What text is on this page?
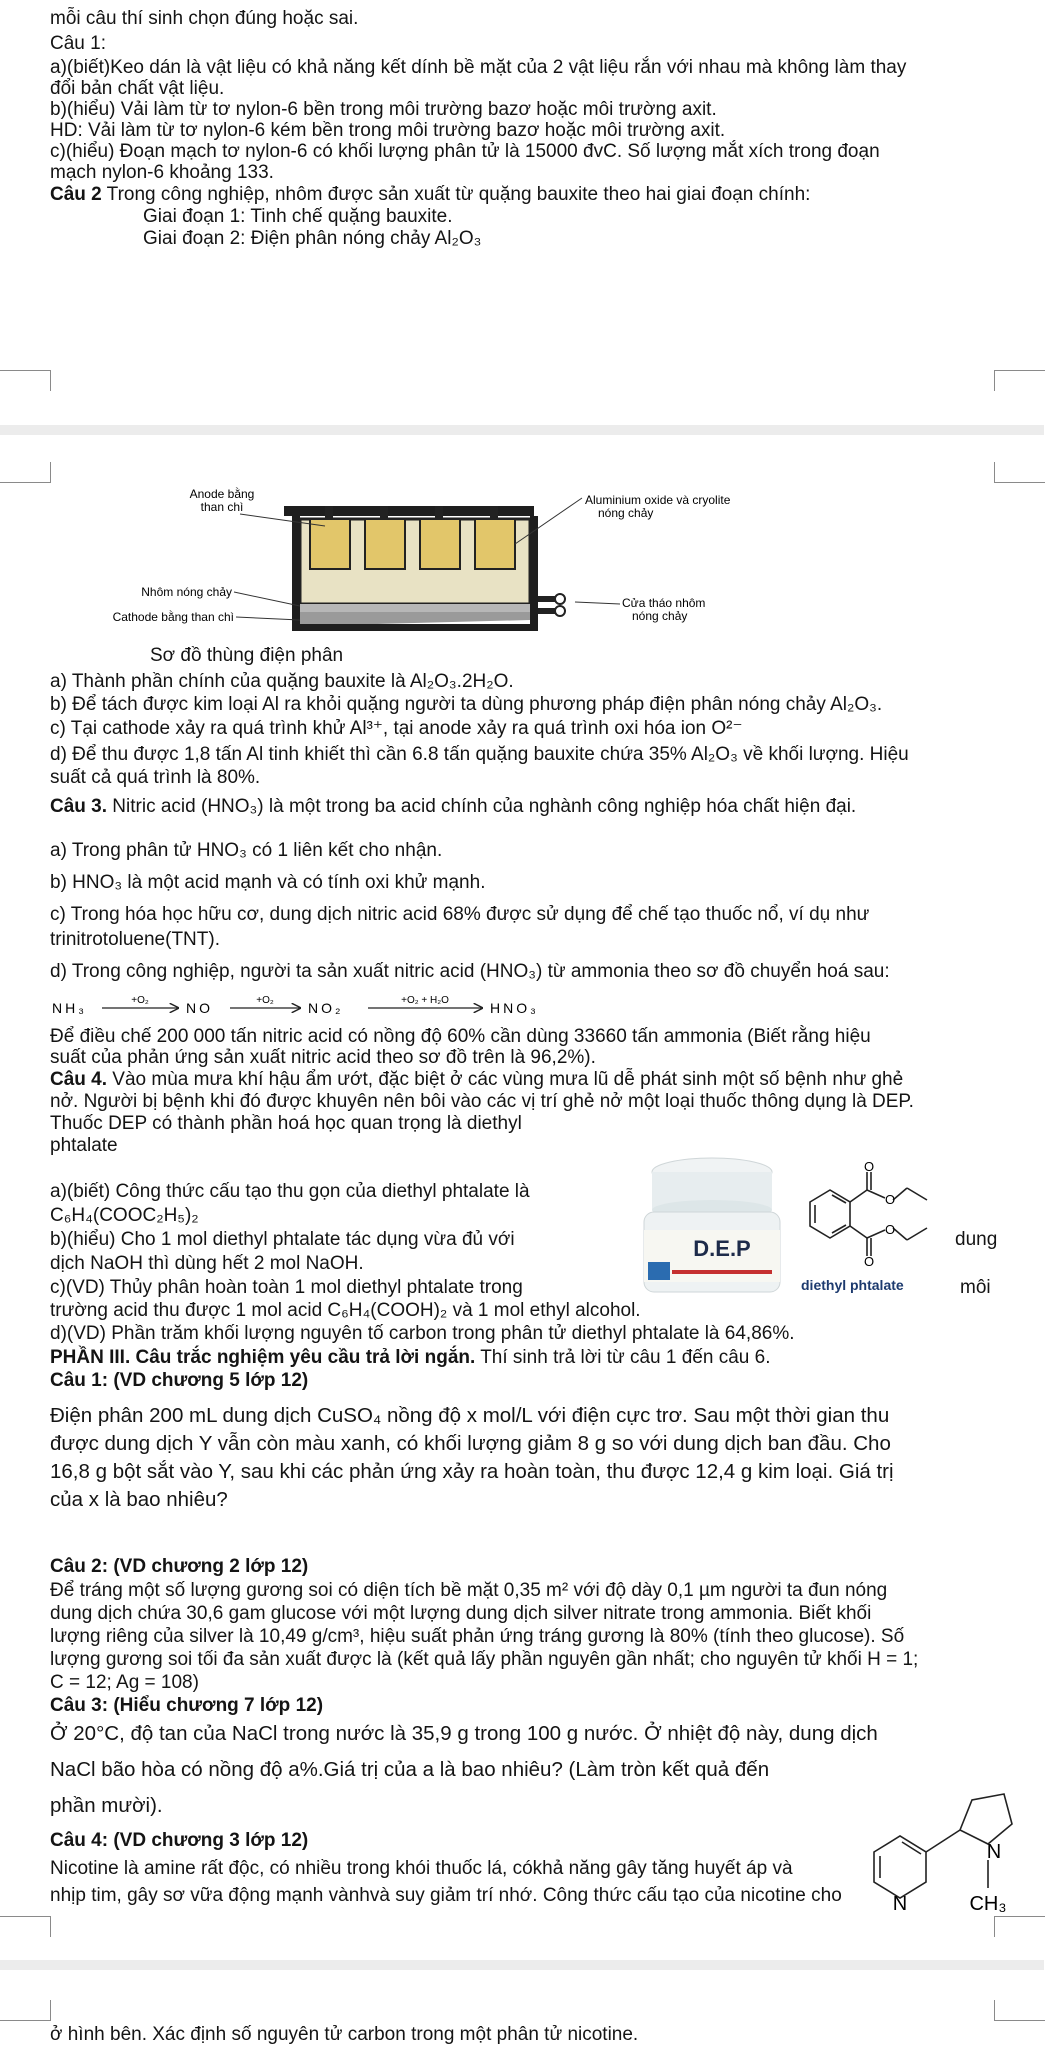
mỗi câu thí sinh chọn đúng hoặc sai.
Câu 1:
a)(biết)Keo dán là vật liệu có khả năng kết dính bề mặt của 2 vật liệu rắn với nhau mà không làm thay
đổi bản chất vật liệu.
b)(hiểu) Vải làm từ tơ nylon-6 bền trong môi trường bazơ hoặc môi trường axit.
HD: Vải làm từ tơ nylon-6 kém bền trong môi trường bazơ hoặc môi trường axit.
c)(hiểu) Đoạn mạch tơ nylon-6 có khối lượng phân tử là 15000 đvC. Số lượng mắt xích trong đoạn
mạch nylon-6 khoảng 133.
Câu 2 Trong công nghiệp, nhôm được sản xuất từ quặng bauxite theo hai giai đoạn chính:
Giai đoạn 1: Tinh chế quặng bauxite.
Giai đoạn 2: Điện phân nóng chảy Al₂O₃
Anode bằng
than chì	Aluminium oxide và cryolite
nóng chảy
Nhôm nóng chảy
Cathode bằng than chì
Cửa tháo nhôm
nóng chảy
Sơ đồ thùng điện phân
a) Thành phần chính của quặng bauxite là Al₂O₃.2H₂O.
b) Để tách được kim loại Al ra khỏi quặng người ta dùng phương pháp điện phân nóng chảy Al₂O₃.
c) Tại cathode xảy ra quá trình khử Al³⁺, tại anode xảy ra quá trình oxi hóa ion O²⁻
d) Để thu được 1,8 tấn Al tinh khiết thì cần 6.8 tấn quặng bauxite chứa 35% Al₂O₃ về khối lượng. Hiệu
suất cả quá trình là 80%.
Câu 3. Nitric acid (HNO₃) là một trong ba acid chính của nghành công nghiệp hóa chất hiện đại.
a) Trong phân tử HNO₃ có 1 liên kết cho nhận.
b) HNO₃ là một acid mạnh và có tính oxi khử mạnh.
c) Trong hóa học hữu cơ, dung dịch nitric acid 68% được sử dụng để chế tạo thuốc nổ, ví dụ như
trinitrotoluene(TNT).
d) Trong công nghiệp, người ta sản xuất nitric acid (HNO₃) từ ammonia theo sơ đồ chuyển hoá sau:
NH₃	+O₂	NO	+O₂ NO₂	+O₂ + H₂O	HNO₃
Để điều chế 200 000 tấn nitric acid có nồng độ 60% cần dùng 33660 tấn ammonia (Biết rằng hiệu
suất của phản ứng sản xuất nitric acid theo sơ đồ trên là 96,2%).
Câu 4. Vào mùa mưa khí hậu ẩm ướt, đặc biệt ở các vùng mưa lũ dễ phát sinh một số bệnh như ghẻ
nở. Người bị bệnh khi đó được khuyên nên bôi vào các vị trí ghẻ nở một loại thuốc thông dụng là DEP.
Thuốc DEP có thành phần hoá học quan trọng là diethyl
phtalate
a)(biết) Công thức cấu tạo thu gọn của diethyl phtalate là
C₆H₄(COOC₂H₅)₂
b)(hiểu) Cho 1 mol diethyl phtalate tác dụng vừa đủ với	dung
dịch NaOH thì dùng hết 2 mol NaOH.
c)(VD) Thủy phân hoàn toàn 1 mol diethyl phtalate trong	môi
trường acid thu được 1 mol acid C₆H₄(COOH)₂ và 1 mol ethyl alcohol.
d)(VD) Phần trăm khối lượng nguyên tố carbon trong phân tử diethyl phtalate là 64,86%.
D.E.P
O
O
O
O
diethyl phtalate
PHẦN III. Câu trắc nghiệm yêu cầu trả lời ngắn. Thí sinh trả lời từ câu 1 đến câu 6.
Câu 1: (VD chương 5 lớp 12)
Điện phân 200 mL dung dịch CuSO₄ nồng độ x mol/L với điện cực trơ. Sau một thời gian thu
được dung dịch Y vẫn còn màu xanh, có khối lượng giảm 8 g so với dung dịch ban đầu. Cho
16,8 g bột sắt vào Y, sau khi các phản ứng xảy ra hoàn toàn, thu được 12,4 g kim loại. Giá trị
của x là bao nhiêu?
Câu 2: (VD chương 2 lớp 12)
Để tráng một số lượng gương soi có diện tích bề mặt 0,35 m² với độ dày 0,1 µm người ta đun nóng
dung dịch chứa 30,6 gam glucose với một lượng dung dịch silver nitrate trong ammonia. Biết khối
lượng riêng của silver là 10,49 g/cm³, hiệu suất phản ứng tráng gương là 80% (tính theo glucose). Số
lượng gương soi tối đa sản xuất được là (kết quả lấy phần nguyên gần nhất; cho nguyên tử khối H = 1;
C = 12; Ag = 108)
Câu 3: (Hiểu chương 7 lớp 12)
Ở 20°C, độ tan của NaCl trong nước là 35,9 g trong 100 g nước. Ở nhiệt độ này, dung dịch
NaCl bão hòa có nồng độ a%.Giá trị của a là bao nhiêu? (Làm tròn kết quả đến
phần mười).
Câu 4: (VD chương 3 lớp 12)
Nicotine là amine rất độc, có nhiều trong khói thuốc lá, cókhả năng gây tăng huyết áp và
nhịp tim, gây sơ vữa động mạnh vànhvà suy giảm trí nhớ. Công thức cấu tạo của nicotine cho
N
N	CH₃
ở hình bên. Xác định số nguyên tử carbon trong một phân tử nicotine.
